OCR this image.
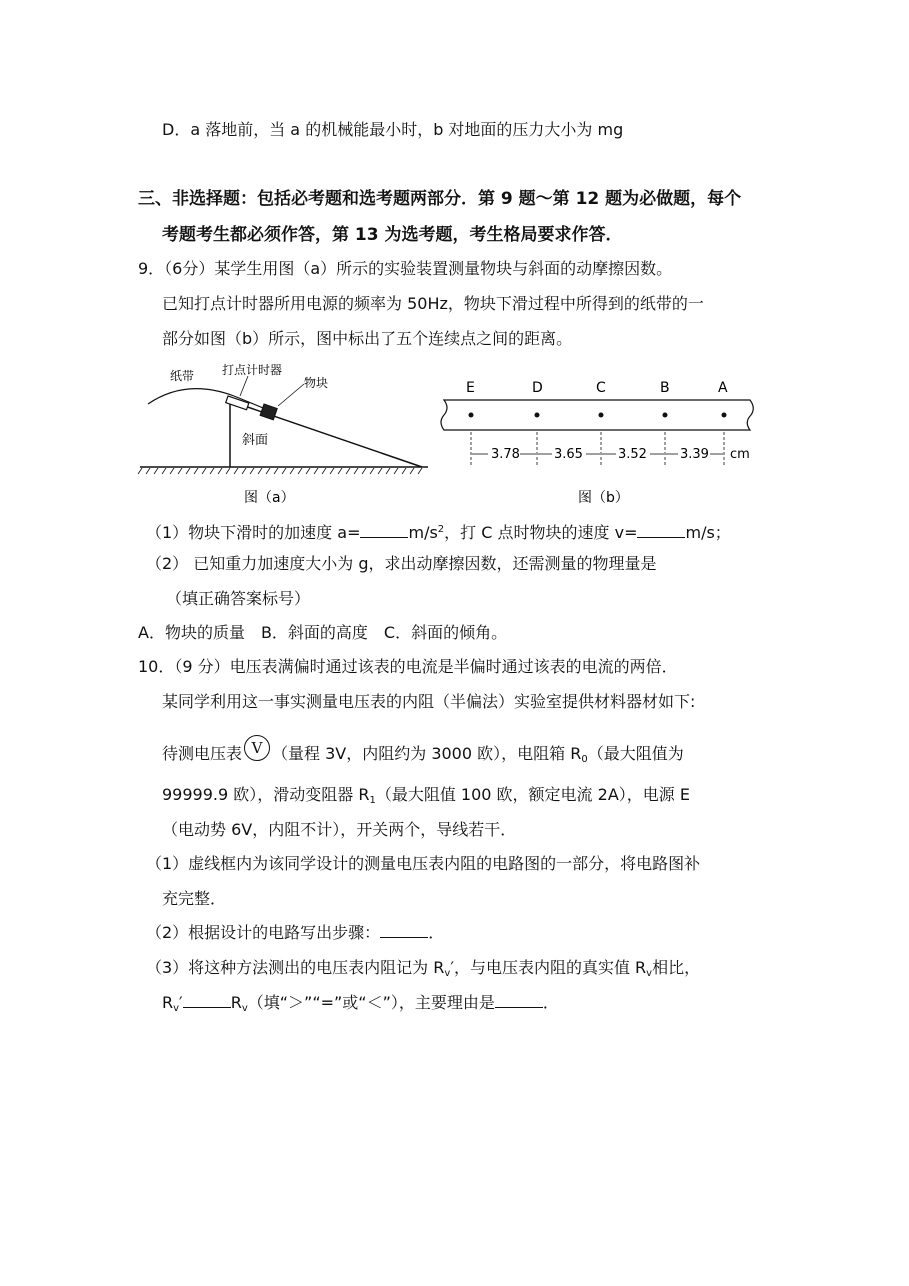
D．a 落地前，当 a 的机械能最小时，b 对地面的压力大小为 mg
三、非选择题：包括必考题和选考题两部分．第 9 题～第 12 题为必做题，每个
考题考生都必须作答，第 13 为选考题，考生格局要求作答．
9．（6分）某学生用图（a）所示的实验装置测量物块与斜面的动摩擦因数。
已知打点计时器所用电源的频率为 50Hz，物块下滑过程中所得到的纸带的一
部分如图（b）所示，图中标出了五个连续点之间的距离。
纸带 打点计时器
物块
斜面
图（a）
E	D	C	B	A
3.78	3.65	3.52	3.39 cm
图（b）
（1）物块下滑时的加速度 a=	$m/s^2$，打 C 点时物块的速度 v=	m/s；
（2） 已知重力加速度大小为 g，求出动摩擦因数，还需测量的物理量是
（填正确答案标号）
A．物块的质量　B．斜面的高度　C．斜面的倾角。
10．（9 分）电压表满偏时通过该表的电流是半偏时通过该表的电流的两倍．
某同学利用这一事实测量电压表的内阻（半偏法）实验室提供材料器材如下:
待测电压表 V （量程 3V，内阻约为 3000 欧），电阻箱 $R_0$（最大阻值为
99999.9 欧），滑动变阻器 $R_1$（最大阻值 100 欧，额定电流 2A），电源 E
（电动势 6V，内阻不计），开关两个，导线若干．
（1）虚线框内为该同学设计的测量电压表内阻的电路图的一部分，将电路图补
充完整．
（2）根据设计的电路写出步骤：	．
（3）将这种方法测出的电压表内阻记为 $R_v'$，与电压表内阻的真实值 $R_v$相比，
$R_v'$	$R_v$（填“＞”“=”或“＜”），主要理由是	．
